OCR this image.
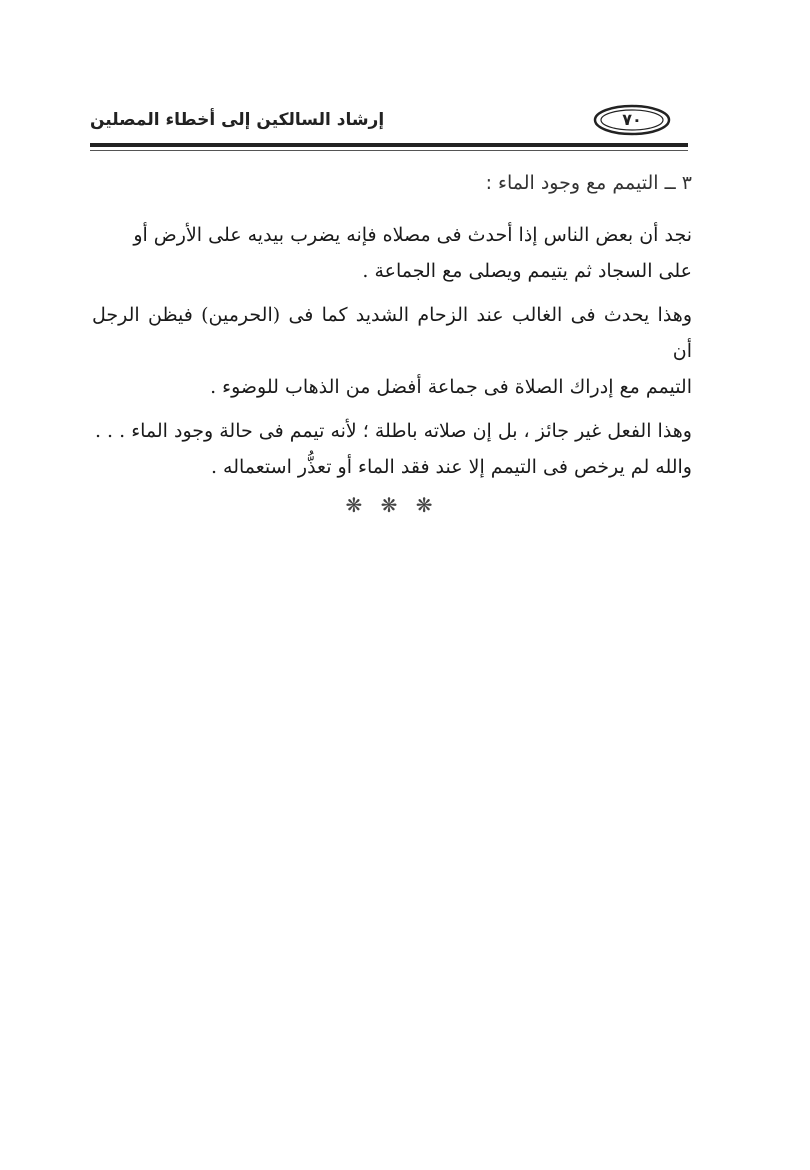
إرشاد السالكين إلى أخطاء المصلين	٧٠
٣ ــ التيمم مع وجود الماء :

نجد أن بعض الناس إذا أحدث فى مصلاه فإنه يضرب بيديه على الأرض أو

على السجاد ثم يتيمم ويصلى مع الجماعة .

وهذا يحدث فى الغالب عند الزحام الشديد كما فى (الحرمين) فيظن الرجل أن

التيمم مع إدراك الصلاة فى جماعة أفضل من الذهاب للوضوء .

وهذا الفعل غير جائز ، بل إن صلاته باطلة ؛ لأنه تيمم فى حالة وجود الماء . . .

والله لم يرخص فى التيمم إلا عند فقد الماء أو تعذُّر استعماله .

❋ ❋ ❋
